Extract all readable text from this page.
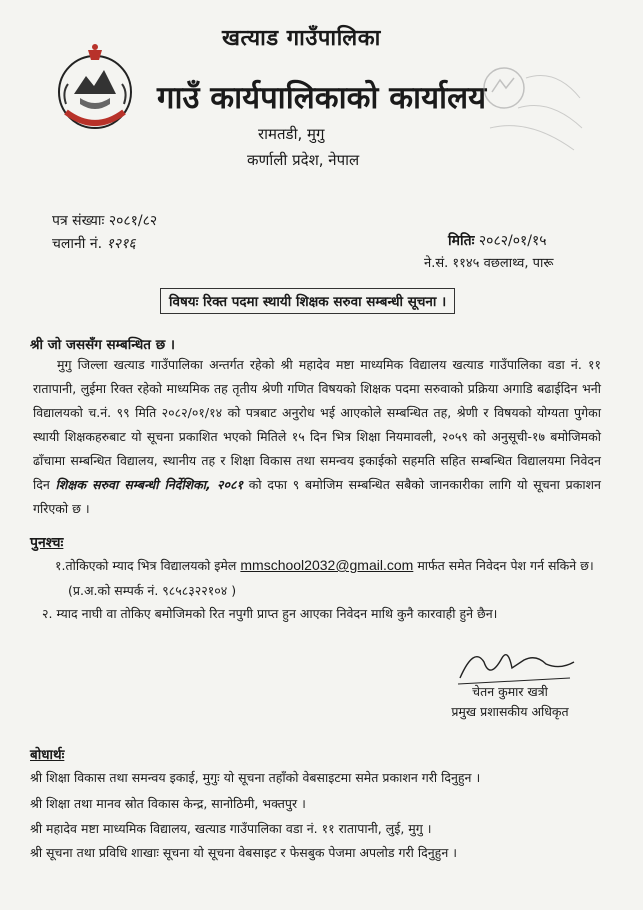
खत्याड गाउँपालिका
गाउँ कार्यपालिकाको कार्यालय
रामतडी, मुगु
कर्णाली प्रदेश, नेपाल
पत्र संख्याः २०८१/८२
चलानी नं. १२१६	मितिः २०८२/०१/१५
ने.सं. ११४५ वछलाथ्व, पारू
विषयः रिक्त पदमा स्थायी शिक्षक सरुवा सम्बन्धी सूचना ।
श्री जो जससँग सम्बन्धित छ ।

मुगु जिल्ला खत्याड गाउँपालिका अन्तर्गत रहेको श्री महादेव मष्टा माध्यमिक विद्यालय खत्याड गाउँपालिका वडा नं. ११ रातापानी, लुईमा रिक्त रहेको माध्यमिक तह तृतीय श्रेणी गणित विषयको शिक्षक पदमा सरुवाको प्रक्रिया अगाडि बढाईदिन भनी विद्यालयको च.नं. ९९ मिति २०८२/०१/१४ को पत्रबाट अनुरोध भई आएकोले सम्बन्धित तह, श्रेणी र विषयको योग्यता पुगेका स्थायी शिक्षकहरुबाट यो सूचना प्रकाशित भएको मितिले १५ दिन भित्र शिक्षा नियमावली, २०५९ को अनुसूची-१७ बमोजिमको ढाँचामा सम्बन्धित विद्यालय, स्थानीय तह र शिक्षा विकास तथा समन्वय इकाईको सहमति सहित सम्बन्धित विद्यालयमा निवेदन दिन शिक्षक सरुवा सम्बन्धी निर्देशिका, २०८१ को दफा ९ बमोजिम सम्बन्धित सबैको जानकारीका लागि यो सूचना प्रकाशन गरिएको छ ।

पुनश्चः
१.तोकिएको म्याद भित्र विद्यालयको इमेल mmschool2032@gmail.com मार्फत समेत निवेदन पेश गर्न सकिने छ।
(प्र.अ.को सम्पर्क नं. ९८५८३२२१०४ )
२. म्याद नाघी वा तोकिए बमोजिमको रित नपुगी प्राप्त हुन आएका निवेदन माथि कुनै कारवाही हुने छैन।
चेतन कुमार खत्री
प्रमुख प्रशासकीय अधिकृत
बोधार्थः
श्री शिक्षा विकास तथा समन्वय इकाई, मुगुः यो सूचना तहाँको वेबसाइटमा समेत प्रकाशन गरी दिनुहुन ।
श्री शिक्षा तथा मानव स्रोत विकास केन्द्र, सानोठिमी, भक्तपुर ।
श्री महादेव मष्टा माध्यमिक विद्यालय, खत्याड गाउँपालिका वडा नं. ११ रातापानी, लुई, मुगु ।
श्री सूचना तथा प्रविधि शाखाः सूचना यो सूचना वेबसाइट र फेसबुक पेजमा अपलोड गरी दिनुहुन ।
